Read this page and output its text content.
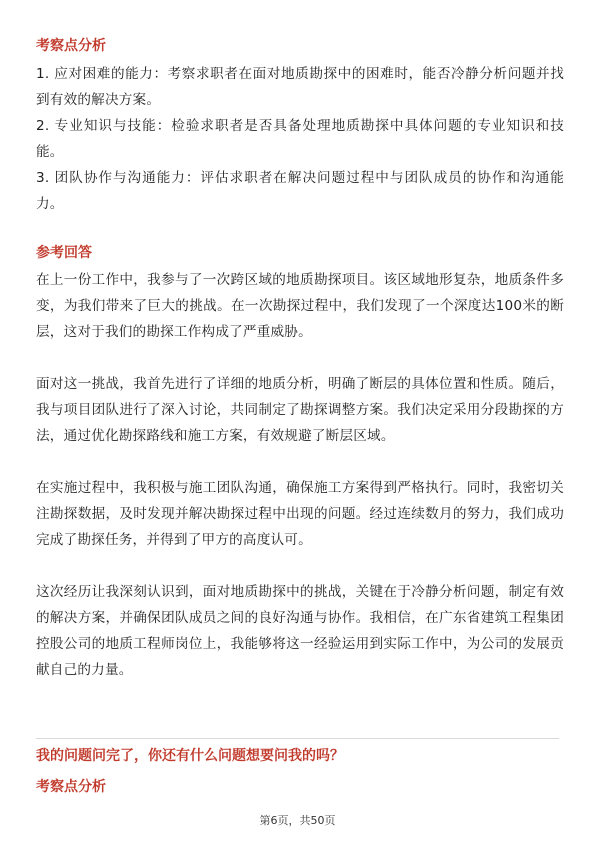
考察点分析

1. 应对困难的能力：考察求职者在面对地质勘探中的困难时，能否冷静分析问题并找到有效的解决方案。

2. 专业知识与技能：检验求职者是否具备处理地质勘探中具体问题的专业知识和技能。

3. 团队协作与沟通能力：评估求职者在解决问题过程中与团队成员的协作和沟通能力。

参考回答

在上一份工作中，我参与了一次跨区域的地质勘探项目。该区域地形复杂，地质条件多变，为我们带来了巨大的挑战。在一次勘探过程中，我们发现了一个深度达100米的断层，这对于我们的勘探工作构成了严重威胁。

面对这一挑战，我首先进行了详细的地质分析，明确了断层的具体位置和性质。随后，我与项目团队进行了深入讨论，共同制定了勘探调整方案。我们决定采用分段勘探的方法，通过优化勘探路线和施工方案，有效规避了断层区域。

在实施过程中，我积极与施工团队沟通，确保施工方案得到严格执行。同时，我密切关注勘探数据，及时发现并解决勘探过程中出现的问题。经过连续数月的努力，我们成功完成了勘探任务，并得到了甲方的高度认可。

这次经历让我深刻认识到，面对地质勘探中的挑战，关键在于冷静分析问题，制定有效的解决方案，并确保团队成员之间的良好沟通与协作。我相信，在广东省建筑工程集团控股公司的地质工程师岗位上，我能够将这一经验运用到实际工作中，为公司的发展贡献自己的力量。

我的问题问完了，你还有什么问题想要问我的吗？

考察点分析

第6页，共50页
